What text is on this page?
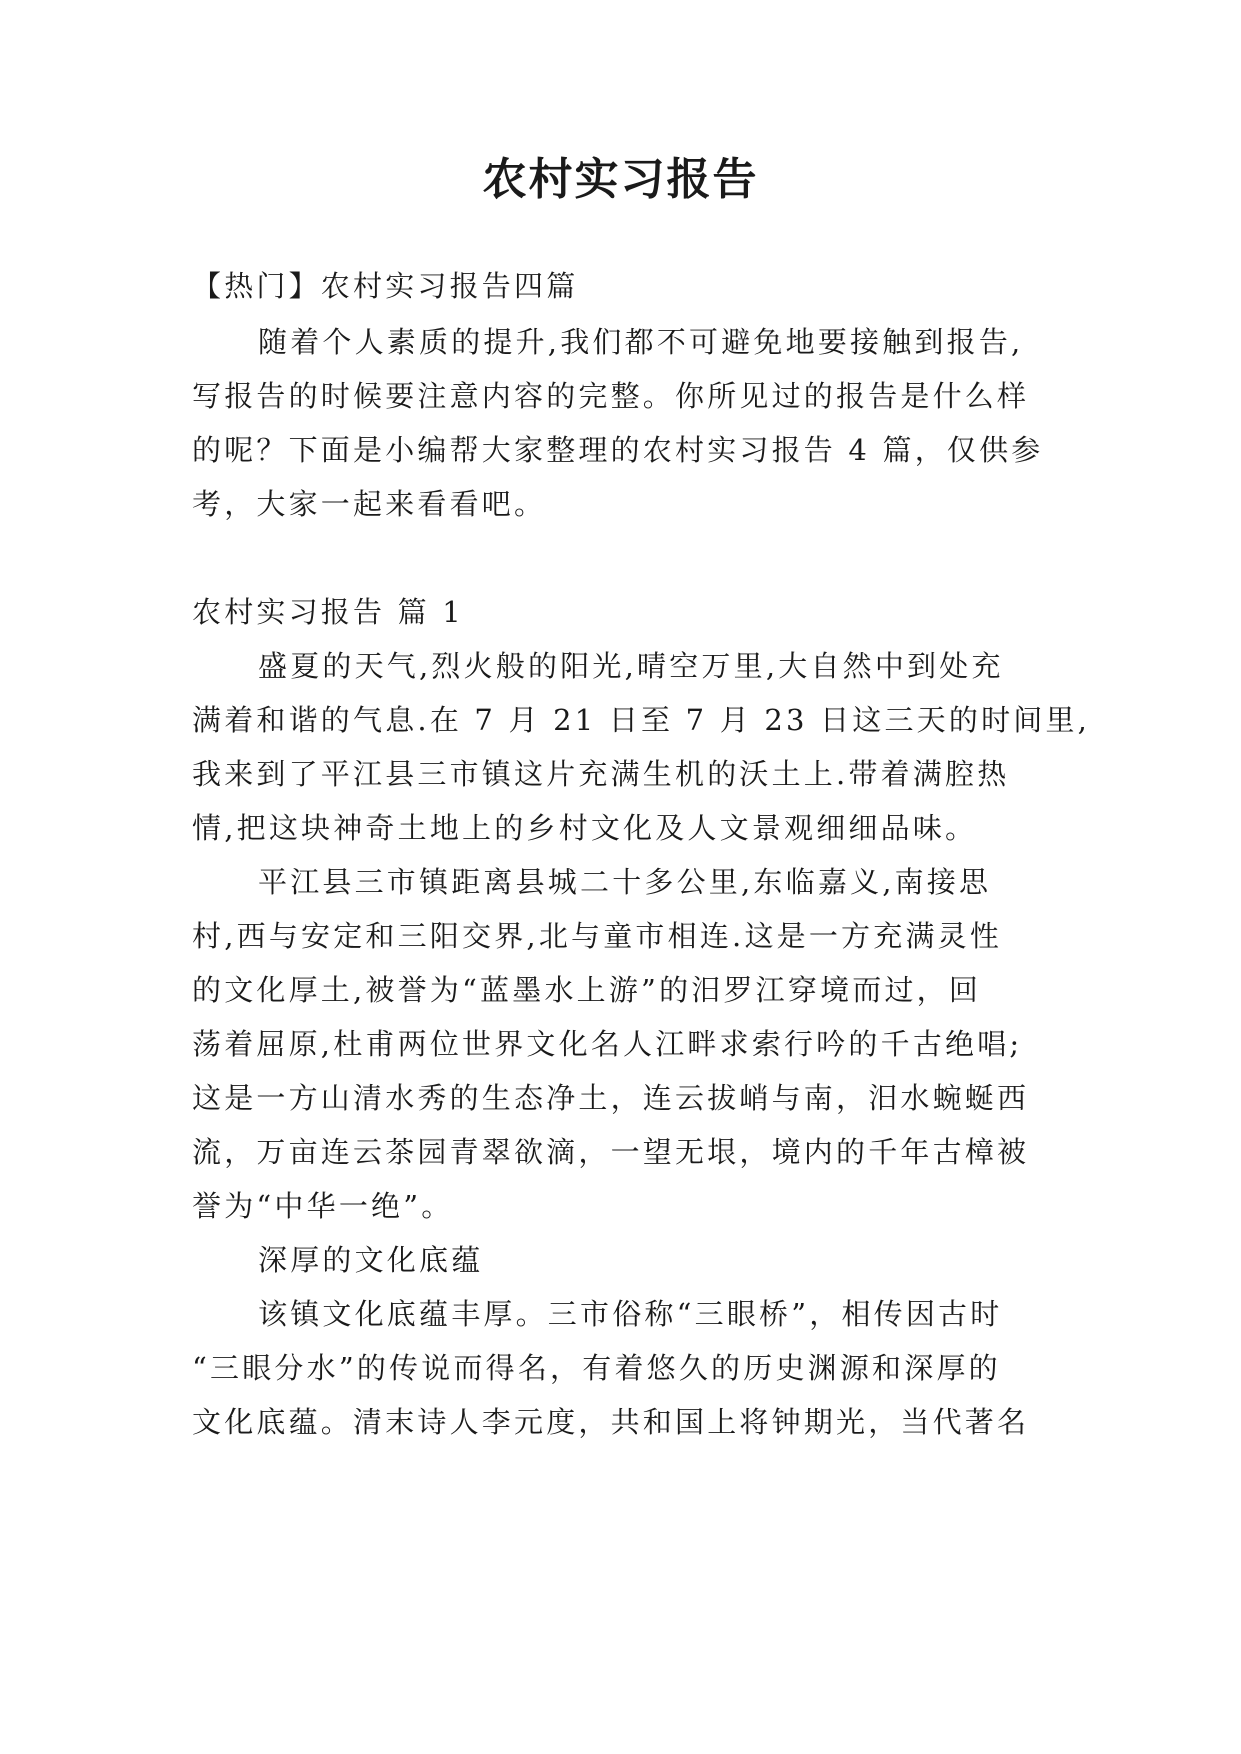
农村实习报告
【热门】农村实习报告四篇
随着个人素质的提升,我们都不可避免地要接触到报告,
写报告的时候要注意内容的完整。你所见过的报告是什么样
的呢？下面是小编帮大家整理的农村实习报告 4 篇，仅供参
考，大家一起来看看吧。
农村实习报告 篇 1
盛夏的天气,烈火般的阳光,晴空万里,大自然中到处充
满着和谐的气息.在 7 月 21 日至 7 月 23 日这三天的时间里,
我来到了平江县三市镇这片充满生机的沃土上.带着满腔热
情,把这块神奇土地上的乡村文化及人文景观细细品味。
平江县三市镇距离县城二十多公里,东临嘉义,南接思
村,西与安定和三阳交界,北与童市相连.这是一方充满灵性
的文化厚土,被誉为“蓝墨水上游”的汨罗江穿境而过，回
荡着屈原,杜甫两位世界文化名人江畔求索行吟的千古绝唱;
这是一方山清水秀的生态净土，连云拔峭与南，汨水蜿蜒西
流，万亩连云茶园青翠欲滴，一望无垠，境内的千年古樟被
誉为“中华一绝”。
深厚的文化底蕴
该镇文化底蕴丰厚。三市俗称“三眼桥”，相传因古时
“三眼分水”的传说而得名，有着悠久的历史渊源和深厚的
文化底蕴。清末诗人李元度，共和国上将钟期光，当代著名
